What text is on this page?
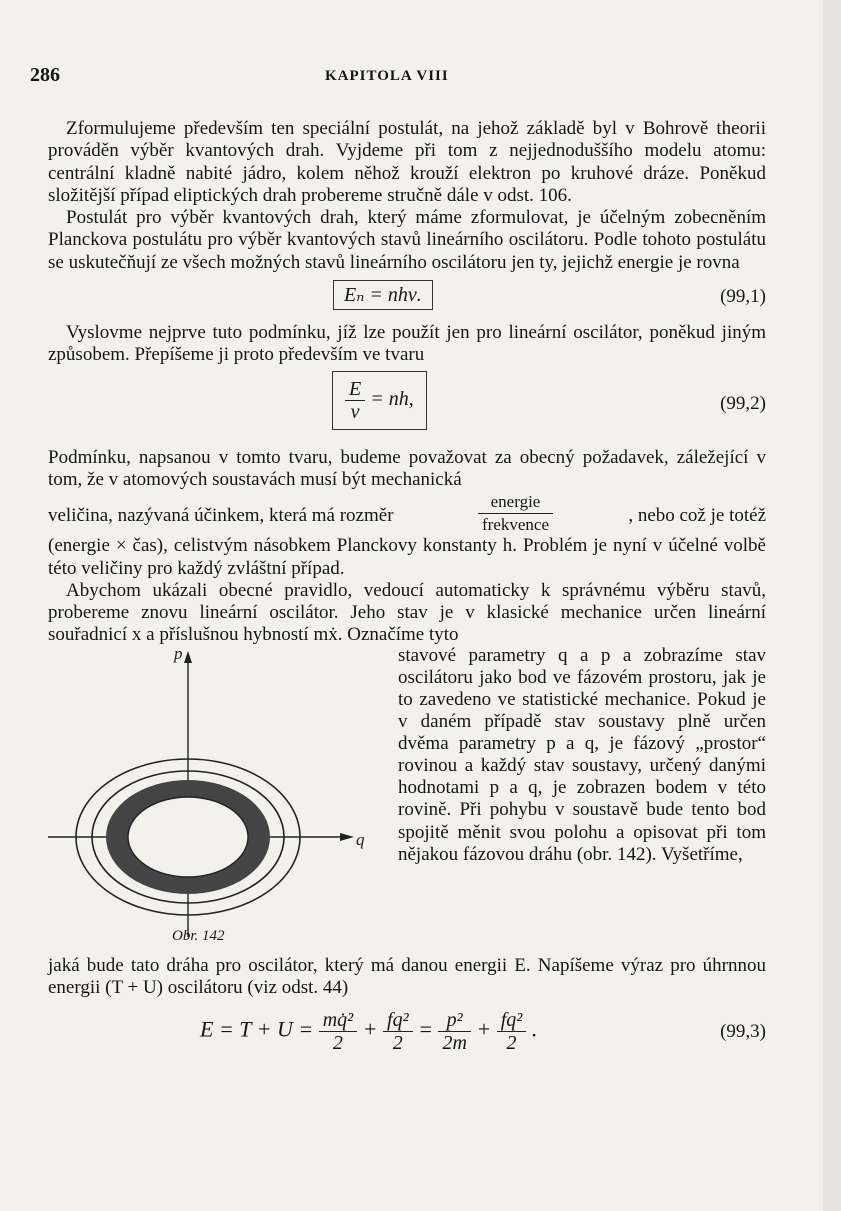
286	KAPITOLA VIII

Zformulujeme především ten speciální postulát, na jehož základě byl v Bohrově theorii prováděn výběr kvantových drah. Vyjdeme při tom z nejjednoduššího modelu atomu: centrální kladně nabité jádro, kolem něhož krouží elektron po kruhové dráze. Poněkud složitější případ eliptických drah probereme stručně dále v odst. 106.

Postulát pro výběr kvantových drah, který máme zformulovat, je účelným zobecněním Planckova postulátu pro výběr kvantových stavů lineárního oscilátoru. Podle tohoto postulátu se uskutečňují ze všech možných stavů lineárního oscilátoru jen ty, jejichž energie je rovna

Eₙ = nhν.	(99,1)

Vyslovme nejprve tuto podmínku, jíž lze použít jen pro lineární oscilátor, poněkud jiným způsobem. Přepíšeme ji proto především ve tvaru

$\frac{E}{\nu}$ = nh,	(99,2)

Podmínku, napsanou v tomto tvaru, budeme považovat za obecný požadavek, záležející v tom, že v atomových soustavách musí být mechanická

veličina, nazývaná účinkem, která má rozměr
energie
frekvence	, nebo což je totéž

(energie × čas), celistvým násobkem Planckovy konstanty h. Problém je nyní v účelné volbě této veličiny pro každý zvláštní případ.

Abychom ukázali obecné pravidlo, vedoucí automaticky k správnému výběru stavů, probereme znovu lineární oscilátor. Jeho stav je v klasické mechanice určen lineární souřadnicí x a příslušnou hybností mẋ. Označíme tyto

p
q
Obr. 142
stavové parametry q a p a zobrazíme stav oscilátoru jako bod ve fázovém prostoru, jak je to zavedeno ve statistické mechanice. Pokud je v daném případě stav soustavy plně určen dvěma parametry p a q, je fázový „prostor“ rovinou a každý stav soustavy, určený danými hodnotami p a q, je zobrazen bodem v této rovině. Při pohybu v soustavě bude tento bod spojitě měnit svou polohu a opisovat při tom nějakou fázovou dráhu (obr. 142). Vyšetříme,

jaká bude tato dráha pro oscilátor, který má danou energii E. Napíšeme výraz pro úhrnnou energii (T + U) oscilátoru (viz odst. 44)

$E = T + U = \frac{\text{mq̇²}}{2} + \frac{\text{fq²}}{2} = \frac{\text{p²}}{2m} + \frac{\text{fq²}}{2}$ .	(99,3)
